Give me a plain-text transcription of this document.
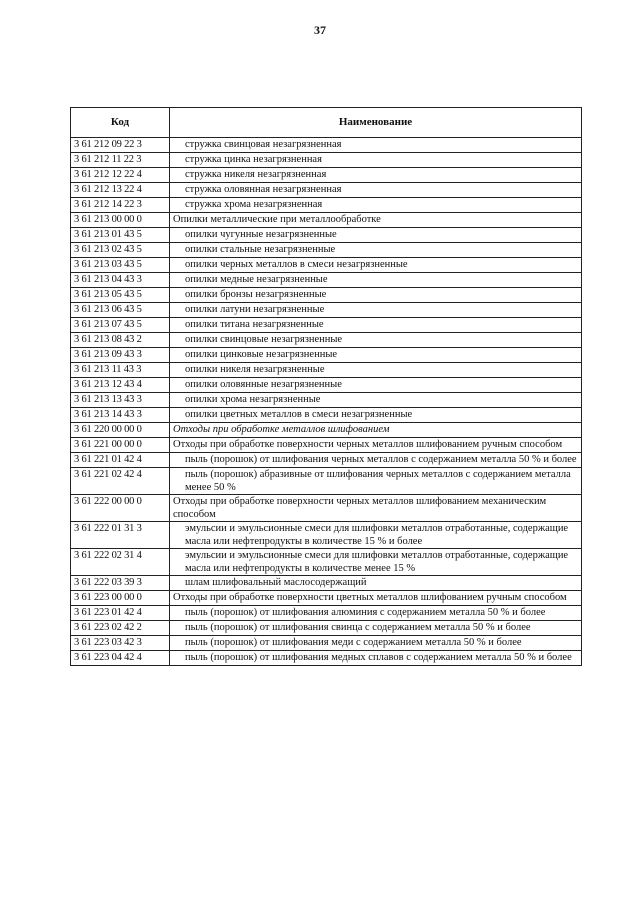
37
Код	Наименование
3 61 212 09 22 3	стружка свинцовая незагрязненная
3 61 212 11 22 3	стружка цинка незагрязненная
3 61 212 12 22 4	стружка никеля незагрязненная
3 61 212 13 22 4	стружка оловянная незагрязненная
3 61 212 14 22 3	стружка хрома незагрязненная
3 61 213 00 00 0	Опилки металлические при металлообработке
3 61 213 01 43 5	опилки чугунные незагрязненные
3 61 213 02 43 5	опилки стальные незагрязненные
3 61 213 03 43 5	опилки черных металлов в смеси незагрязненные
3 61 213 04 43 3	опилки медные незагрязненные
3 61 213 05 43 5	опилки бронзы незагрязненные
3 61 213 06 43 5	опилки латуни незагрязненные
3 61 213 07 43 5	опилки титана незагрязненные
3 61 213 08 43 2	опилки свинцовые незагрязненные
3 61 213 09 43 3	опилки цинковые незагрязненные
3 61 213 11 43 3	опилки никеля незагрязненные
3 61 213 12 43 4	опилки оловянные незагрязненные
3 61 213 13 43 3	опилки хрома незагрязненные
3 61 213 14 43 3	опилки цветных металлов в смеси незагрязненные
3 61 220 00 00 0	Отходы при обработке металлов шлифованием
3 61 221 00 00 0	Отходы при обработке поверхности черных металлов шлифованием ручным способом
3 61 221 01 42 4	пыль (порошок) от шлифования черных металлов с содержанием металла 50 % и более
3 61 221 02 42 4	пыль (порошок) абразивные от шлифования черных металлов с содержанием металла менее 50 %
3 61 222 00 00 0	Отходы при обработке поверхности черных металлов шлифованием механическим способом
3 61 222 01 31 3	эмульсии и эмульсионные смеси для шлифовки металлов отработанные, содержащие масла или нефтепродукты в количестве 15 % и более
3 61 222 02 31 4	эмульсии и эмульсионные смеси для шлифовки металлов отработанные, содержащие масла или нефтепродукты в количестве менее 15 %
3 61 222 03 39 3	шлам шлифовальный маслосодержащий
3 61 223 00 00 0	Отходы при обработке поверхности цветных металлов шлифованием ручным способом
3 61 223 01 42 4	пыль (порошок) от шлифования алюминия с содержанием металла 50 % и более
3 61 223 02 42 2	пыль (порошок) от шлифования свинца с содержанием металла 50 % и более
3 61 223 03 42 3	пыль (порошок) от шлифования меди с содержанием металла 50 % и более
3 61 223 04 42 4	пыль (порошок) от шлифования медных сплавов с содержанием металла 50 % и более
